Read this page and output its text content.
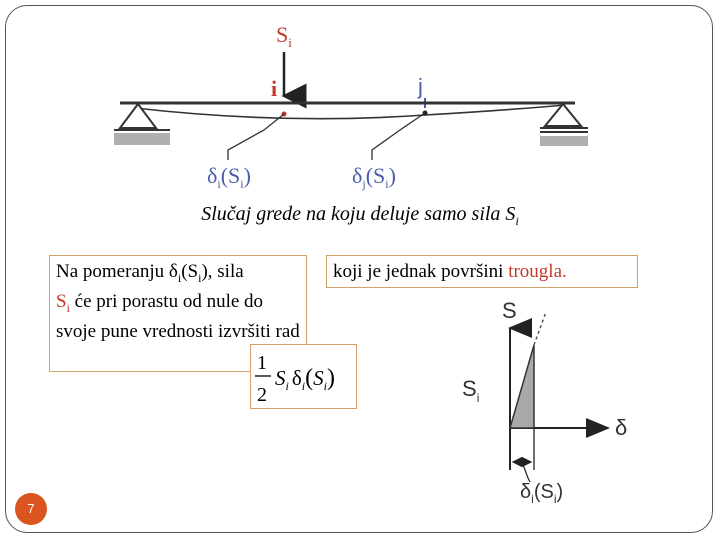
$S_i$
i	j
$\delta_i(S_i)$	$\delta_j(S_i)$
S
δ
$S_i$
$\delta_i(S_i)$
Slučaj grede na koju deluje samo sila $S_i$
Na pomeranju $\delta_i(S_i)$, sila
$S_i$ će pri porastu od nule do svoje pune vrednosti izvršiti rad
koji je jednak površini trougla.
1
2
$S_i$ $\delta_i(S_i)$
7
